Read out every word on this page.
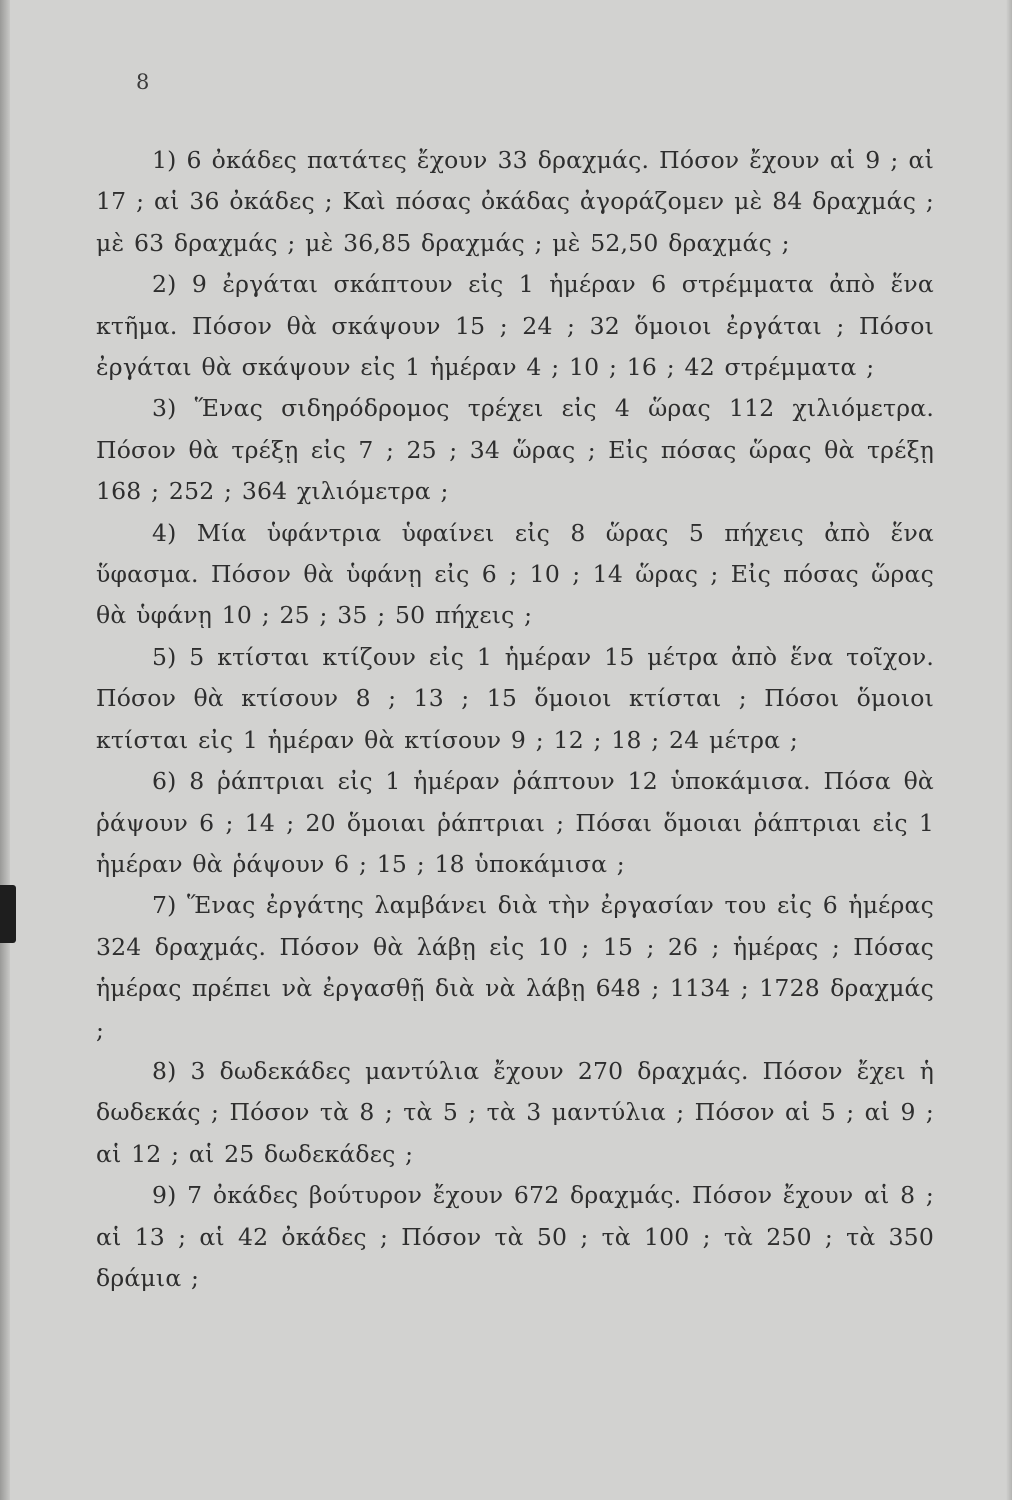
8

1) 6 ὀκάδες πατάτες ἔχουν 33 δραχμάς. Πόσον ἔχουν αἱ 9 ; αἱ 17 ; αἱ 36 ὀκάδες ; Καὶ πόσας ὀκάδας ἀγοράζομεν μὲ 84 δραχμάς ; μὲ 63 δραχμάς ; μὲ 36,85 δραχμάς ; μὲ 52,50 δραχμάς ;

2) 9 ἐργάται σκάπτουν εἰς 1 ἡμέραν 6 στρέμματα ἀπὸ ἕνα κτῆμα. Πόσον θὰ σκάψουν 15 ; 24 ; 32 ὅμοιοι ἐργάται ; Πόσοι ἐργάται θὰ σκάψουν εἰς 1 ἡμέραν 4 ; 10 ; 16 ; 42 στρέμματα ;

3) Ἕνας σιδηρόδρομος τρέχει εἰς 4 ὥρας 112 χιλιόμετρα. Πόσον θὰ τρέξῃ εἰς 7 ; 25 ; 34 ὥρας ; Εἰς πόσας ὥρας θὰ τρέξῃ 168 ; 252 ; 364 χιλιόμετρα ;

4) Μία ὑφάντρια ὑφαίνει εἰς 8 ὥρας 5 πήχεις ἀπὸ ἕνα ὕφασμα. Πόσον θὰ ὑφάνῃ εἰς 6 ; 10 ; 14 ὥρας ; Εἰς πόσας ὥρας θὰ ὑφάνῃ 10 ; 25 ; 35 ; 50 πήχεις ;

5) 5 κτίσται κτίζουν εἰς 1 ἡμέραν 15 μέτρα ἀπὸ ἕνα τοῖχον. Πόσον θὰ κτίσουν 8 ; 13 ; 15 ὅμοιοι κτίσται ; Πόσοι ὅμοιοι κτίσται εἰς 1 ἡμέραν θὰ κτίσουν 9 ; 12 ; 18 ; 24 μέτρα ;

6) 8 ῥάπτριαι εἰς 1 ἡμέραν ῥάπτουν 12 ὑποκάμισα. Πόσα θὰ ῥάψουν 6 ; 14 ; 20 ὅμοιαι ῥάπτριαι ; Πόσαι ὅμοιαι ῥάπτριαι εἰς 1 ἡμέραν θὰ ῥάψουν 6 ; 15 ; 18 ὑποκάμισα ;

7) Ἕνας ἐργάτης λαμβάνει διὰ τὴν ἐργασίαν του εἰς 6 ἡμέρας 324 δραχμάς. Πόσον θὰ λάβῃ εἰς 10 ; 15 ; 26 ; ἡμέρας ; Πόσας ἡμέρας πρέπει νὰ ἐργασθῇ διὰ νὰ λάβῃ 648 ; 1134 ; 1728 δραχμάς ;

8) 3 δωδεκάδες μαντύλια ἔχουν 270 δραχμάς. Πόσον ἔχει ἡ δωδεκάς ; Πόσον τὰ 8 ; τὰ 5 ; τὰ 3 μαντύλια ; Πόσον αἱ 5 ; αἱ 9 ; αἱ 12 ; αἱ 25 δωδεκάδες ;

9) 7 ὀκάδες βούτυρον ἔχουν 672 δραχμάς. Πόσον ἔχουν αἱ 8 ; αἱ 13 ; αἱ 42 ὀκάδες ; Πόσον τὰ 50 ; τὰ 100 ; τὰ 250 ; τὰ 350 δράμια ;
